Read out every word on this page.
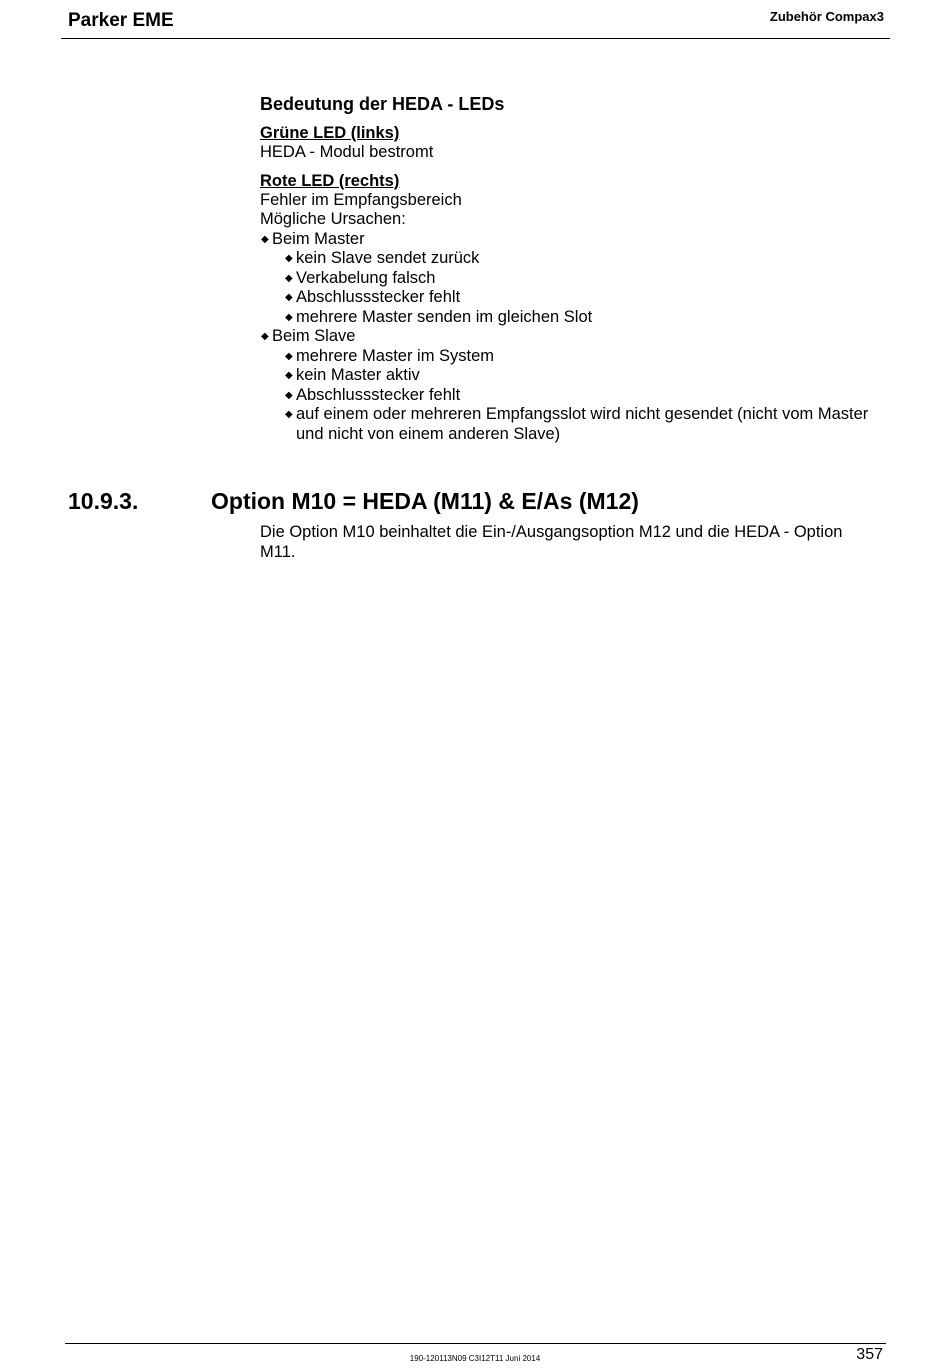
Parker EME	Zubehör Compax3
Bedeutung der HEDA - LEDs
Grüne LED (links)
HEDA - Modul bestromt
Rote LED (rechts)
Fehler im Empfangsbereich
Mögliche Ursachen:
◆ Beim Master
◆ kein Slave sendet zurück
◆ Verkabelung falsch
◆ Abschlussstecker fehlt
◆ mehrere Master senden im gleichen Slot
◆ Beim Slave
◆ mehrere Master im System
◆ kein Master aktiv
◆ Abschlussstecker fehlt
◆ auf einem oder mehreren Empfangsslot wird nicht gesendet (nicht vom Master und nicht von einem anderen Slave)
10.9.3.	Option M10 = HEDA (M11) & E/As (M12)

Die Option M10 beinhaltet die Ein-/Ausgangsoption M12 und die HEDA - Option M11.

190-120113N09 C3I12T11 Juni 2014	357
